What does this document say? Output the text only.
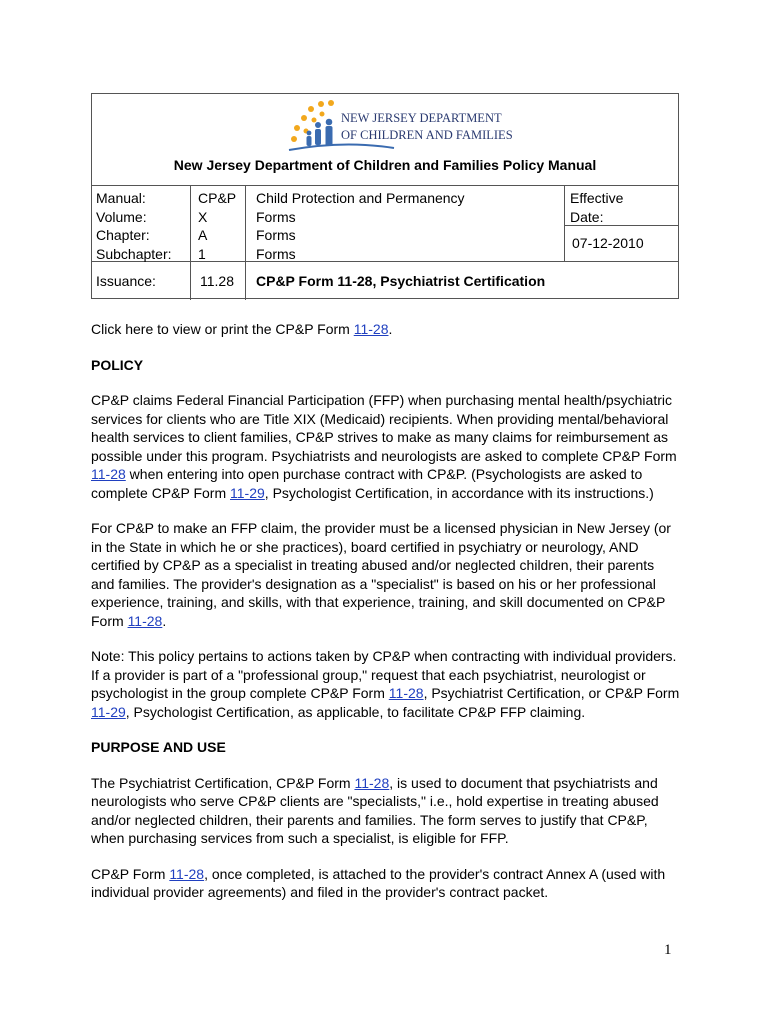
NEW JERSEY DEPARTMENT
OF CHILDREN AND FAMILIES
New Jersey Department of Children and Families Policy Manual
Manual:
Volume:
Chapter:
Subchapter:
CP&P
X
A
1
Child Protection and Permanency
Forms
Forms
Forms
Effective
Date:
07-12-2010
Issuance:	11.28 CP&P Form 11-28, Psychiatrist Certification

Click here to view or print the CP&P Form 11-28.

POLICY

CP&P claims Federal Financial Participation (FFP) when purchasing mental health/psychiatric services for clients who are Title XIX (Medicaid) recipients. When providing mental/behavioral health services to client families, CP&P strives to make as many claims for reimbursement as possible under this program. Psychiatrists and neurologists are asked to complete CP&P Form 11-28 when entering into open purchase contract with CP&P. (Psychologists are asked to complete CP&P Form 11-29, Psychologist Certification, in accordance with its instructions.)

For CP&P to make an FFP claim, the provider must be a licensed physician in New Jersey (or in the State in which he or she practices), board certified in psychiatry or neurology, AND certified by CP&P as a specialist in treating abused and/or neglected children, their parents and families. The provider's designation as a "specialist" is based on his or her professional experience, training, and skills, with that experience, training, and skill documented on CP&P Form 11-28.

Note: This policy pertains to actions taken by CP&P when contracting with individual providers. If a provider is part of a "professional group," request that each psychiatrist, neurologist or psychologist in the group complete CP&P Form 11-28, Psychiatrist Certification, or CP&P Form 11-29, Psychologist Certification, as applicable, to facilitate CP&P FFP claiming.

PURPOSE AND USE

The Psychiatrist Certification, CP&P Form 11-28, is used to document that psychiatrists and neurologists who serve CP&P clients are "specialists," i.e., hold expertise in treating abused and/or neglected children, their parents and families. The form serves to justify that CP&P, when purchasing services from such a specialist, is eligible for FFP.

CP&P Form 11-28, once completed, is attached to the provider's contract Annex A (used with individual provider agreements) and filed in the provider's contract packet.

1
